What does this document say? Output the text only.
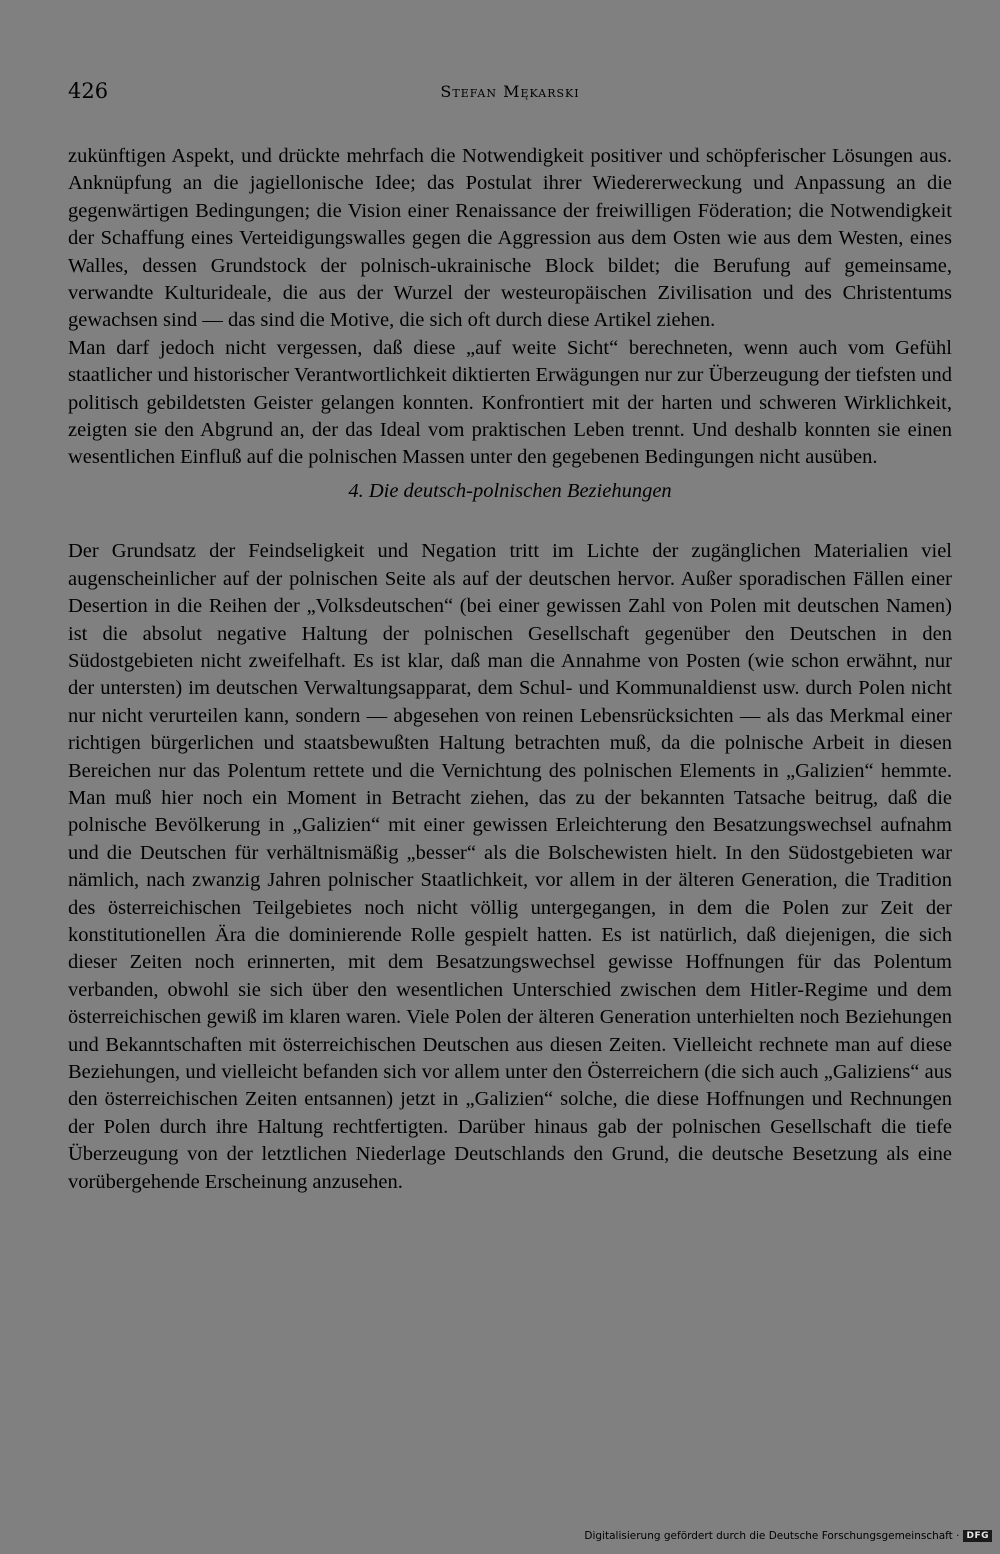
426	Stefan Mękarski

zukünftigen Aspekt, und drückte mehrfach die Notwendigkeit positiver und schöpferischer Lösungen aus. Anknüpfung an die jagiellonische Idee; das Postulat ihrer Wiedererweckung und Anpassung an die gegenwärtigen Bedingungen; die Vision einer Renaissance der freiwilligen Föderation; die Notwendigkeit der Schaffung eines Verteidigungswalles gegen die Aggression aus dem Osten wie aus dem Westen, eines Walles, dessen Grundstock der polnisch-ukrainische Block bildet; die Berufung auf gemeinsame, verwandte Kulturideale, die aus der Wurzel der westeuropäischen Zivilisation und des Christentums gewachsen sind — das sind die Motive, die sich oft durch diese Artikel ziehen.

Man darf jedoch nicht vergessen, daß diese „auf weite Sicht“ berechneten, wenn auch vom Gefühl staatlicher und historischer Verantwortlichkeit diktierten Erwägungen nur zur Überzeugung der tiefsten und politisch gebildetsten Geister gelangen konnten. Konfrontiert mit der harten und schweren Wirklichkeit, zeigten sie den Abgrund an, der das Ideal vom praktischen Leben trennt. Und deshalb konnten sie einen wesentlichen Einfluß auf die polnischen Massen unter den gegebenen Bedingungen nicht ausüben.

4. Die deutsch-polnischen Beziehungen

Der Grundsatz der Feindseligkeit und Negation tritt im Lichte der zugänglichen Materialien viel augenscheinlicher auf der polnischen Seite als auf der deutschen hervor. Außer sporadischen Fällen einer Desertion in die Reihen der „Volksdeutschen“ (bei einer gewissen Zahl von Polen mit deutschen Namen) ist die absolut negative Haltung der polnischen Gesellschaft gegenüber den Deutschen in den Südostgebieten nicht zweifelhaft. Es ist klar, daß man die Annahme von Posten (wie schon erwähnt, nur der untersten) im deutschen Verwaltungsapparat, dem Schul- und Kommunaldienst usw. durch Polen nicht nur nicht verurteilen kann, sondern — abgesehen von reinen Lebensrücksichten — als das Merkmal einer richtigen bürgerlichen und staatsbewußten Haltung betrachten muß, da die polnische Arbeit in diesen Bereichen nur das Polentum rettete und die Vernichtung des polnischen Elements in „Galizien“ hemmte. Man muß hier noch ein Moment in Betracht ziehen, das zu der bekannten Tatsache beitrug, daß die polnische Bevölkerung in „Galizien“ mit einer gewissen Erleichterung den Besatzungswechsel aufnahm und die Deutschen für verhältnismäßig „besser“ als die Bolschewisten hielt. In den Südostgebieten war nämlich, nach zwanzig Jahren polnischer Staatlichkeit, vor allem in der älteren Generation, die Tradition des österreichischen Teilgebietes noch nicht völlig untergegangen, in dem die Polen zur Zeit der konstitutionellen Ära die dominierende Rolle gespielt hatten. Es ist natürlich, daß diejenigen, die sich dieser Zeiten noch erinnerten, mit dem Besatzungswechsel gewisse Hoffnungen für das Polentum verbanden, obwohl sie sich über den wesentlichen Unterschied zwischen dem Hitler-Regime und dem österreichischen gewiß im klaren waren. Viele Polen der älteren Generation unterhielten noch Beziehungen und Bekanntschaften mit österreichischen Deutschen aus diesen Zeiten. Vielleicht rechnete man auf diese Beziehungen, und vielleicht befanden sich vor allem unter den Österreichern (die sich auch „Galiziens“ aus den österreichischen Zeiten entsannen) jetzt in „Galizien“ solche, die diese Hoffnungen und Rechnungen der Polen durch ihre Haltung rechtfertigten. Darüber hinaus gab der polnischen Gesellschaft die tiefe Überzeugung von der letztlichen Niederlage Deutschlands den Grund, die deutsche Besetzung als eine vorübergehende Erscheinung anzusehen.

Digitalisierung gefördert durch die Deutsche Forschungsgemeinschaft · DFG
